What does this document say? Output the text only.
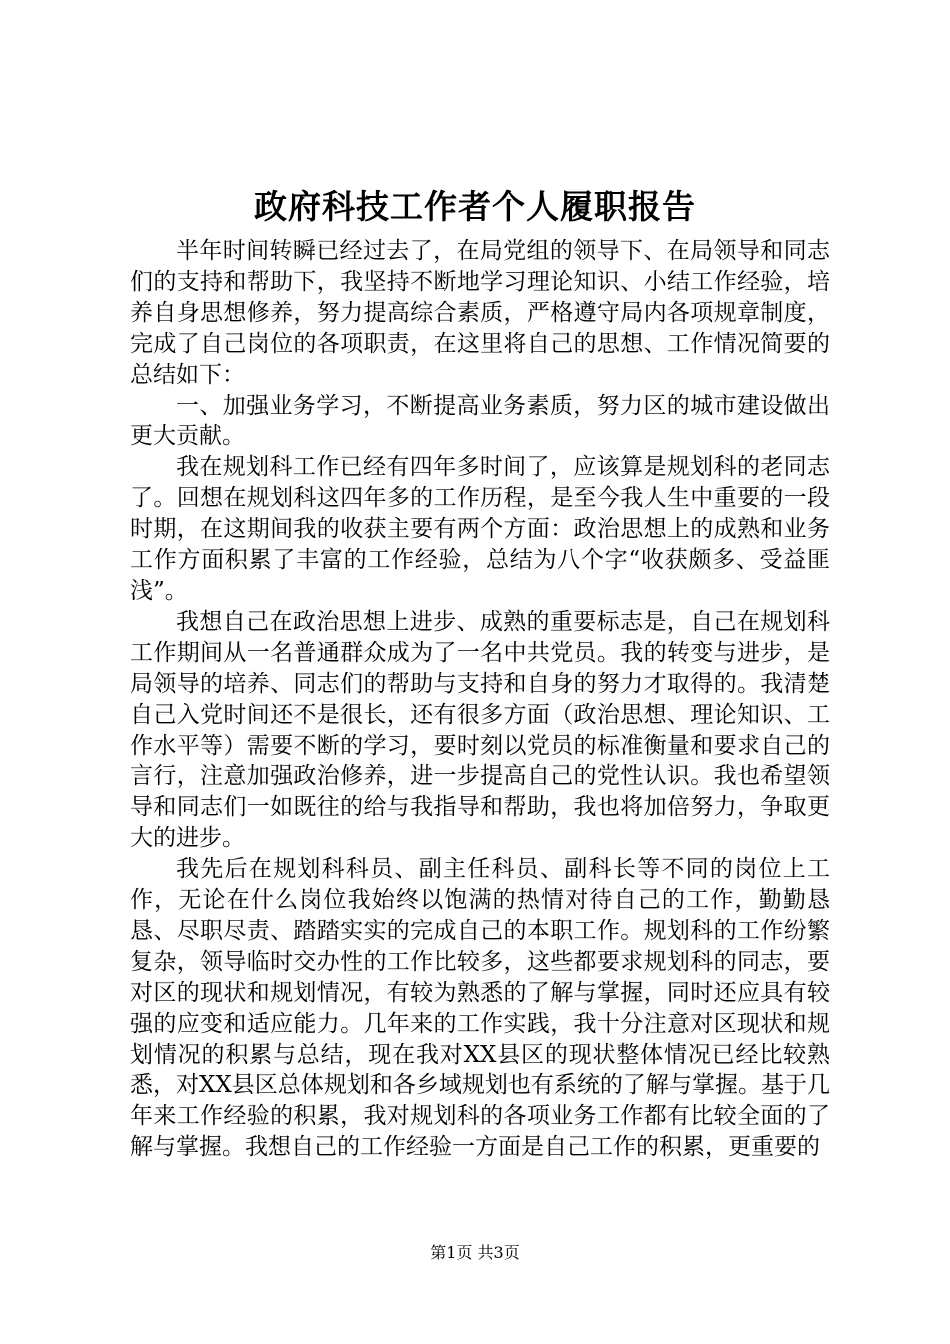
政府科技工作者个人履职报告

半年时间转瞬已经过去了，在局党组的领导下、在局领导和同志们的支持和帮助下，我坚持不断地学习理论知识、小结工作经验，培养自身思想修养，努力提高综合素质，严格遵守局内各项规章制度，完成了自己岗位的各项职责，在这里将自己的思想、工作情况简要的总结如下：

一、加强业务学习，不断提高业务素质，努力区的城市建设做出更大贡献。

我在规划科工作已经有四年多时间了，应该算是规划科的老同志了。回想在规划科这四年多的工作历程，是至今我人生中重要的一段时期，在这期间我的收获主要有两个方面：政治思想上的成熟和业务工作方面积累了丰富的工作经验，总结为八个字“收获颇多、受益匪浅”。

我想自己在政治思想上进步、成熟的重要标志是，自己在规划科工作期间从一名普通群众成为了一名中共党员。我的转变与进步，是局领导的培养、同志们的帮助与支持和自身的努力才取得的。我清楚自己入党时间还不是很长，还有很多方面（政治思想、理论知识、工作水平等）需要不断的学习，要时刻以党员的标准衡量和要求自己的言行，注意加强政治修养，进一步提高自己的党性认识。我也希望领导和同志们一如既往的给与我指导和帮助，我也将加倍努力，争取更大的进步。

我先后在规划科科员、副主任科员、副科长等不同的岗位上工作，无论在什么岗位我始终以饱满的热情对待自己的工作，勤勤恳恳、尽职尽责、踏踏实实的完成自己的本职工作。规划科的工作纷繁复杂，领导临时交办性的工作比较多，这些都要求规划科的同志，要对区的现状和规划情况，有较为熟悉的了解与掌握，同时还应具有较强的应变和适应能力。几年来的工作实践，我十分注意对区现状和规划情况的积累与总结，现在我对XX县区的现状整体情况已经比较熟悉，对XX县区总体规划和各乡域规划也有系统的了解与掌握。基于几年来工作经验的积累，我对规划科的各项业务工作都有比较全面的了解与掌握。我想自己的工作经验一方面是自己工作的积累，更重要的

第1页 共3页
